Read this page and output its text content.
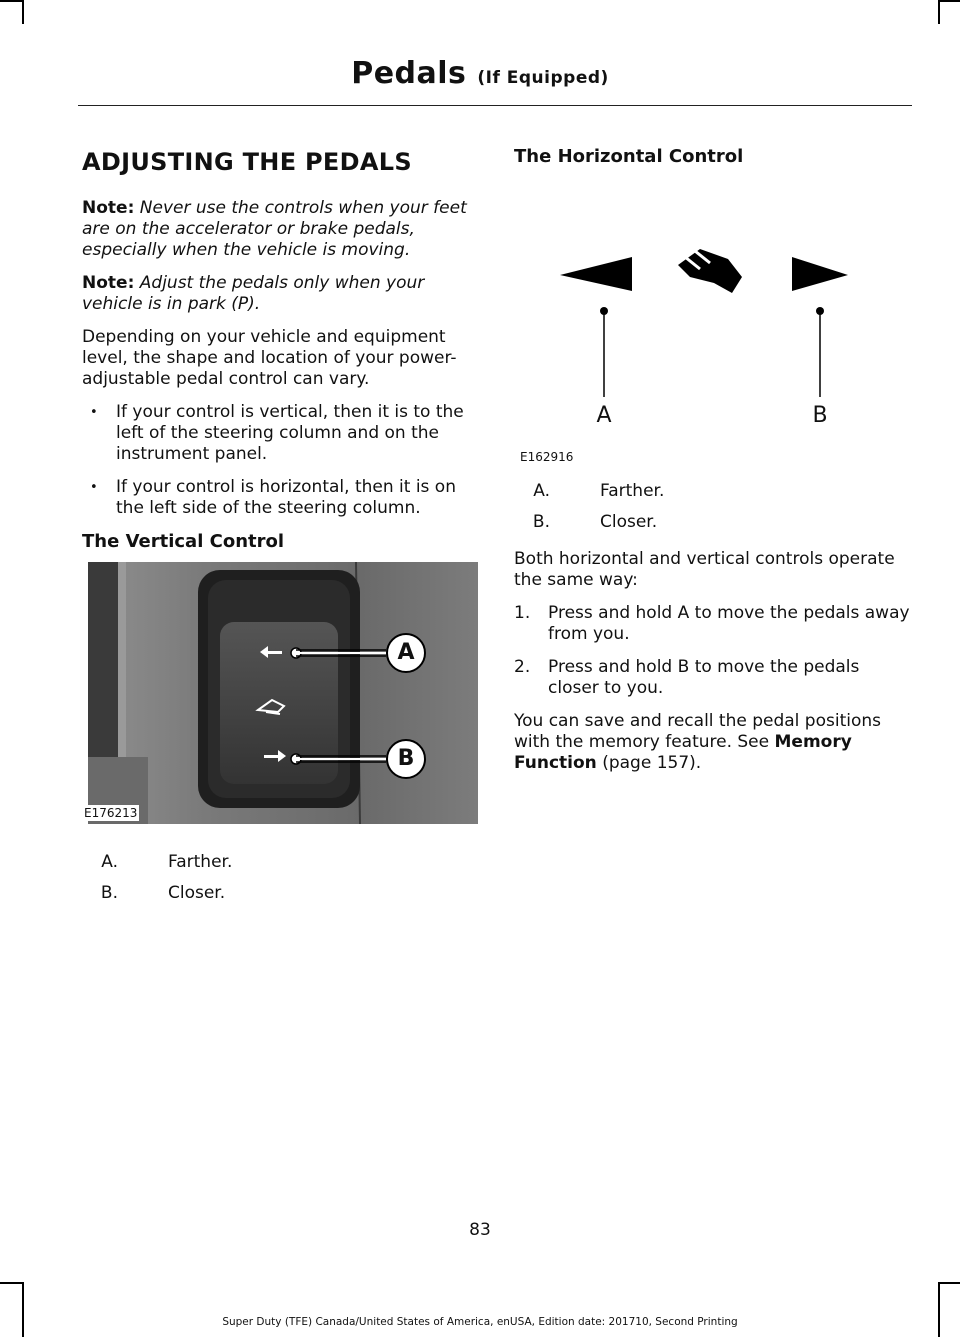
Pedals (If Equipped)
ADJUSTING THE PEDALS

Note: Never use the controls when your feet are on the accelerator or brake pedals, especially when the vehicle is moving.

Note: Adjust the pedals only when your vehicle is in park (P).

Depending on your vehicle and equipment level, the shape and location of your power-adjustable pedal control can vary.

• If your control is vertical, then it is to the left of the steering column and on the instrument panel.
• If your control is horizontal, then it is on the left side of the steering column.
The Vertical Control
A
B
E176213
A.	Farther.
B.	Closer.
The Horizontal Control
A	B
E162916
A.	Farther.
B.	Closer.

Both horizontal and vertical controls operate the same way:

1. Press and hold A to move the pedals away from you.
2. Press and hold B to move the pedals closer to you.

You can save and recall the pedal positions with the memory feature. See Memory Function (page 157).

83
Super Duty (TFE) Canada/United States of America, enUSA, Edition date: 201710, Second Printing
